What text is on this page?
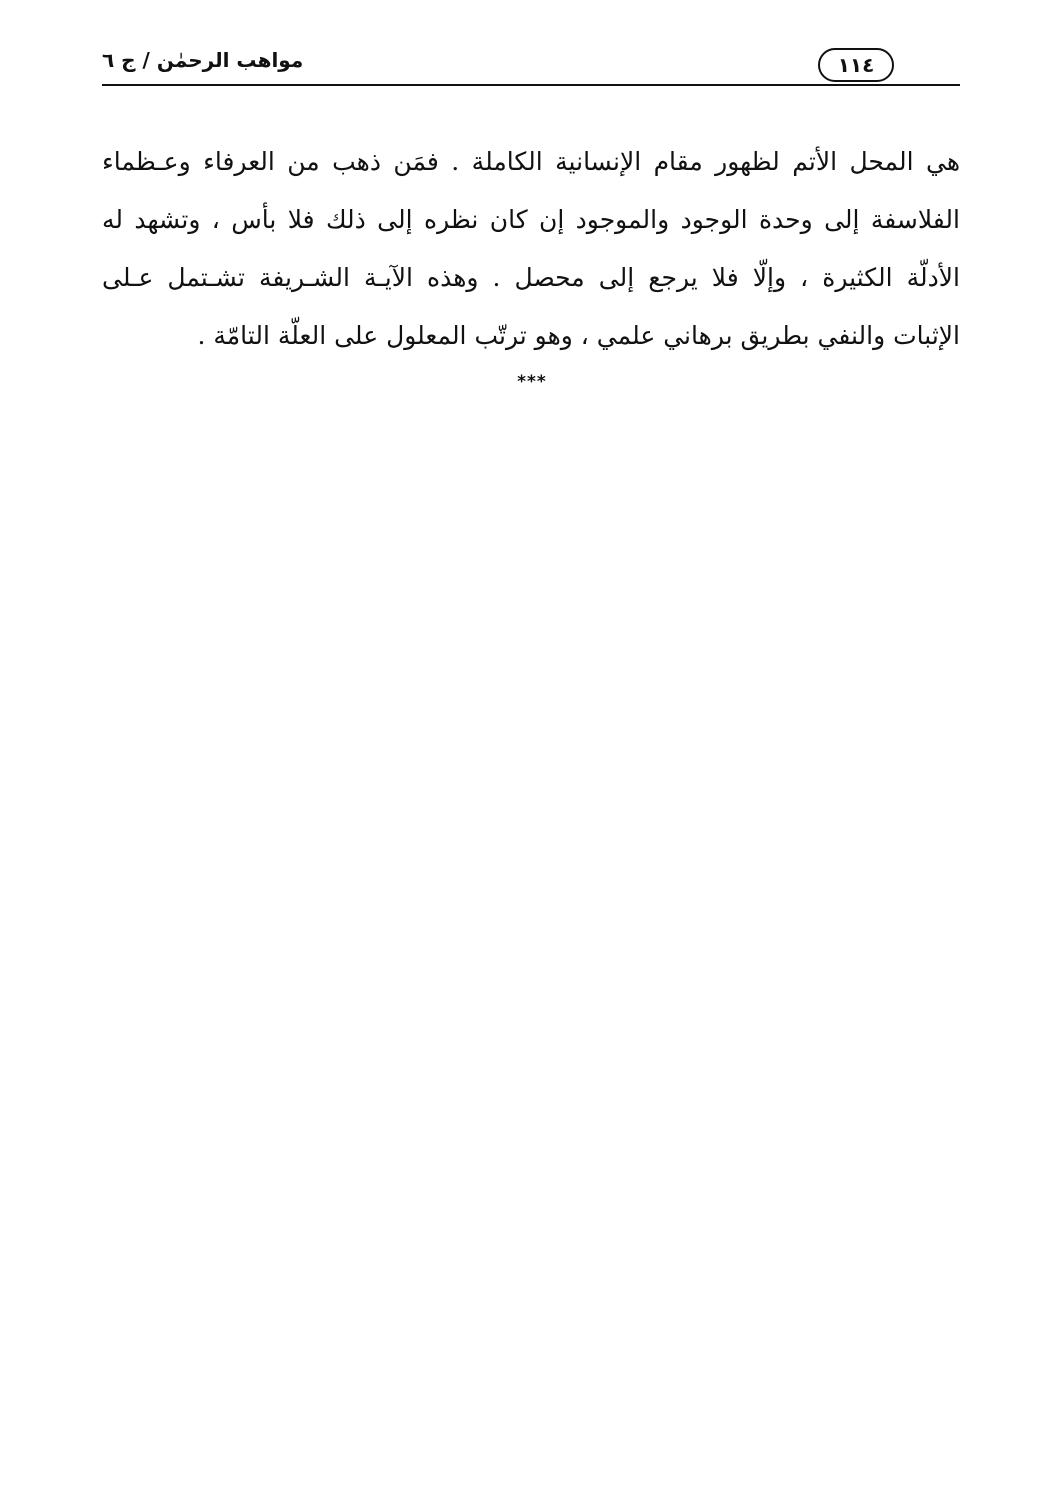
مواهب الرحمٰن / ج ٦	١١٤
هي المحل الأتم لظهور مقام الإنسانية الكاملة . فمَن ذهب من العرفاء وعـظماء
الفلاسفة إلى وحدة الوجود والموجود إن كان نظره إلى ذلك فلا بأس ، وتشهد له
الأدلّة الكثيرة ، وإلّا فلا يرجع إلى محصل . وهذه الآيـة الشـريفة تشـتمل عـلى
الإثبات والنفي بطريق برهاني علمي ، وهو ترتّب المعلول على العلّة التامّة .
***
